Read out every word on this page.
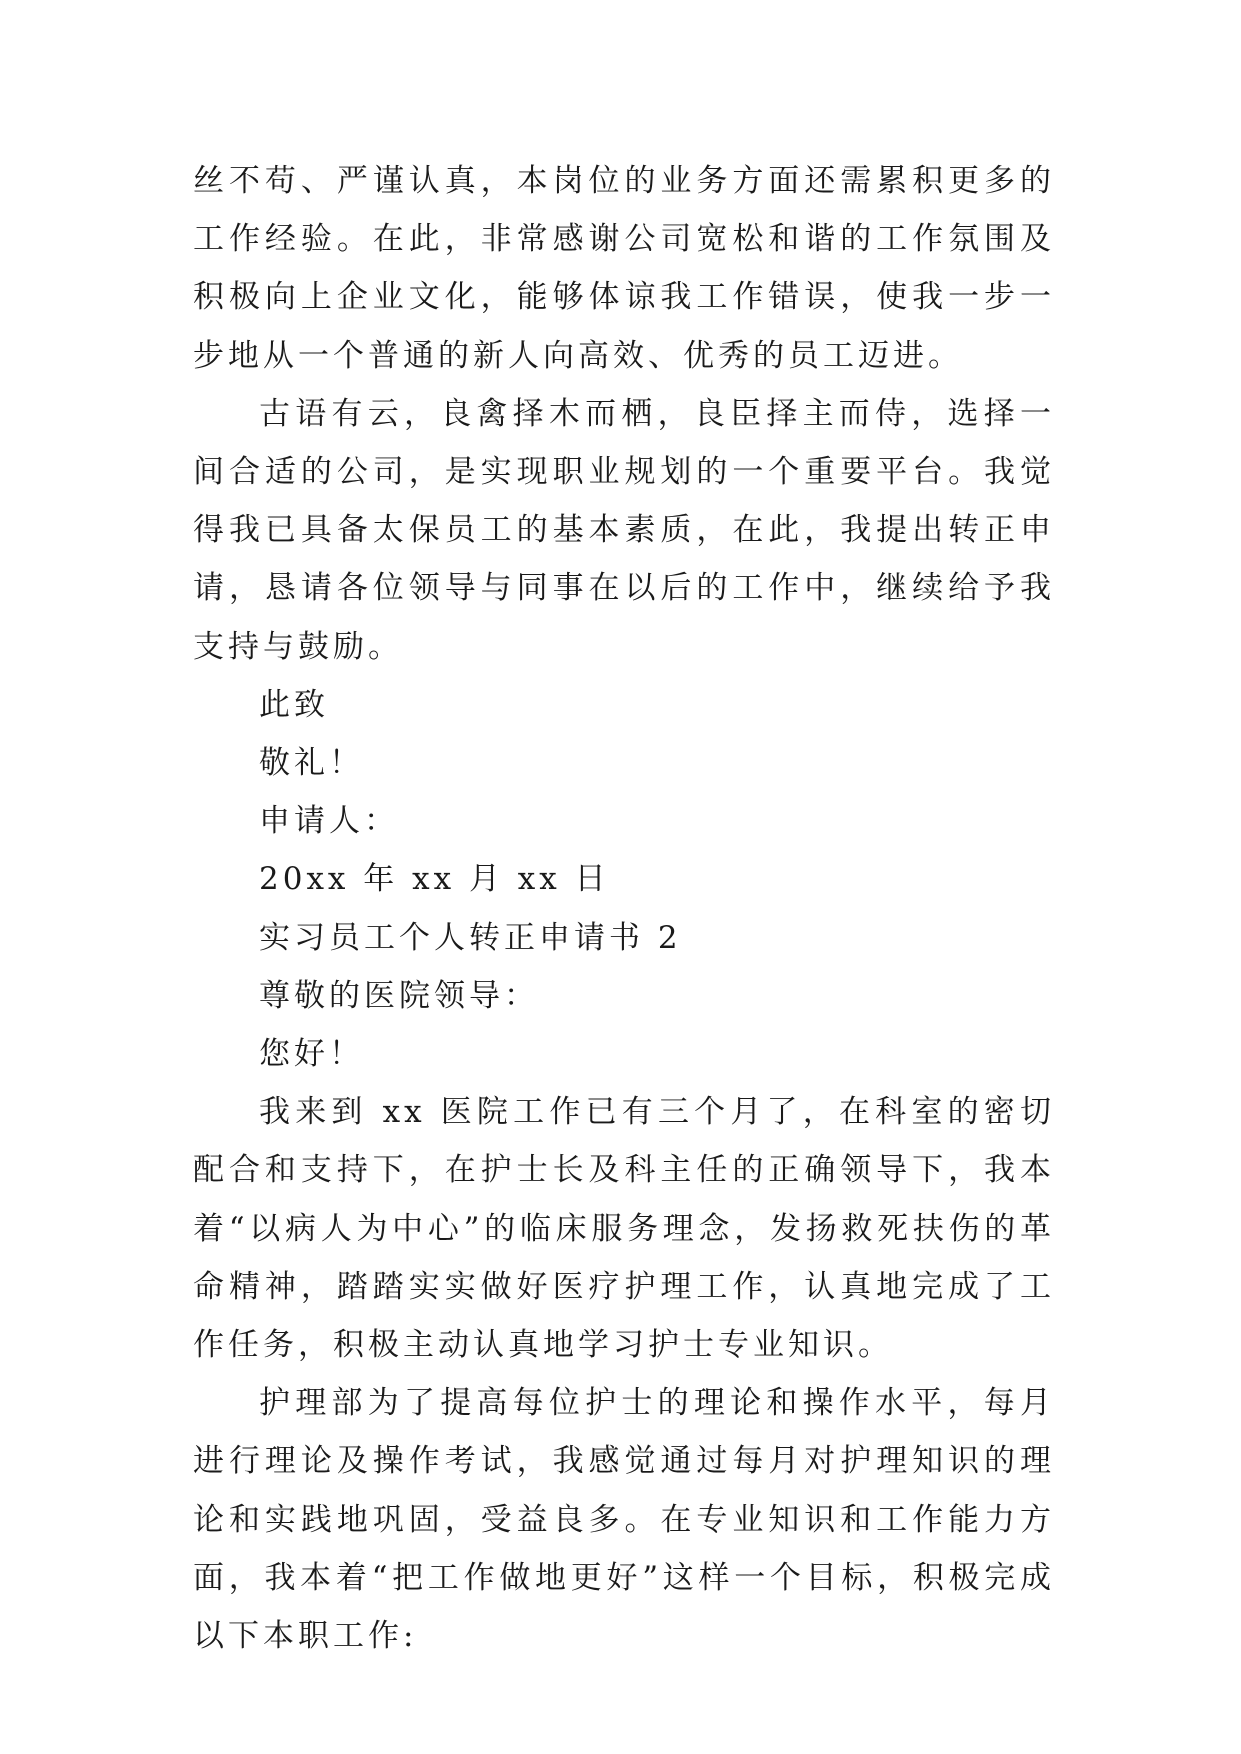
丝不苟、严谨认真，本岗位的业务方面还需累积更多的工作经验。在此，非常感谢公司宽松和谐的工作氛围及积极向上企业文化，能够体谅我工作错误，使我一步一步地从一个普通的新人向高效、优秀的员工迈进。

古语有云，良禽择木而栖，良臣择主而侍，选择一间合适的公司，是实现职业规划的一个重要平台。我觉得我已具备太保员工的基本素质，在此，我提出转正申请，恳请各位领导与同事在以后的工作中，继续给予我支持与鼓励。

此致

敬礼！

申请人：

20xx 年 xx 月 xx 日

实习员工个人转正申请书 2

尊敬的医院领导：

您好！

我来到 xx 医院工作已有三个月了，在科室的密切配合和支持下，在护士长及科主任的正确领导下，我本着“以病人为中心”的临床服务理念，发扬救死扶伤的革命精神，踏踏实实做好医疗护理工作，认真地完成了工作任务，积极主动认真地学习护士专业知识。

护理部为了提高每位护士的理论和操作水平，每月进行理论及操作考试，我感觉通过每月对护理知识的理论和实践地巩固，受益良多。在专业知识和工作能力方面，我本着“把工作做地更好”这样一个目标，积极完成以下本职工作:
